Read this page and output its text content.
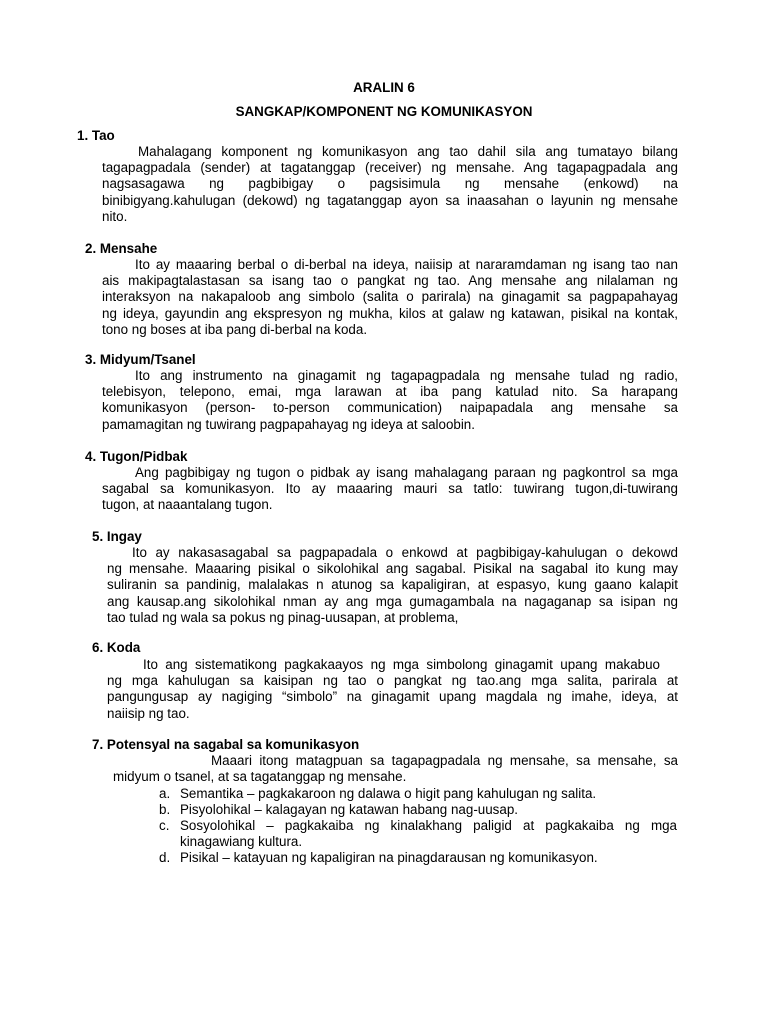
ARALIN 6
SANGKAP/KOMPONENT NG KOMUNIKASYON
1. Tao
Mahalagang komponent ng komunikasyon ang tao dahil sila ang tumatayo bilang
tagapagpadala (sender) at tagatanggap (receiver) ng mensahe. Ang tagapagpadala ang
nagsasagawa ng pagbibigay o pagsisimula ng mensahe (enkowd) na
binibigyang.kahulugan (dekowd) ng tagatanggap ayon sa inaasahan o layunin ng mensahe
nito.
2. Mensahe
Ito ay maaaring berbal o di-berbal na ideya, naiisip at nararamdaman ng isang tao nan
ais makipagtalastasan sa isang tao o pangkat ng tao. Ang mensahe ang nilalaman ng
interaksyon na nakapaloob ang simbolo (salita o parirala) na ginagamit sa pagpapahayag
ng ideya, gayundin ang ekspresyon ng mukha, kilos at galaw ng katawan, pisikal na kontak,
tono ng boses at iba pang di-berbal na koda.
3. Midyum/Tsanel
Ito ang instrumento na ginagamit ng tagapagpadala ng mensahe tulad ng radio,
telebisyon, telepono, emai, mga larawan at iba pang katulad nito. Sa harapang
komunikasyon (person- to-person communication) naipapadala ang mensahe sa
pamamagitan ng tuwirang pagpapahayag ng ideya at saloobin.
4. Tugon/Pidbak
Ang pagbibigay ng tugon o pidbak ay isang mahalagang paraan ng pagkontrol sa mga
sagabal sa komunikasyon. Ito ay maaaring mauri sa tatlo: tuwirang tugon,di-tuwirang
tugon, at naaantalang tugon.
5. Ingay
Ito ay nakasasagabal sa pagpapadala o enkowd at pagbibigay-kahulugan o dekowd
ng mensahe. Maaaring pisikal o sikolohikal ang sagabal. Pisikal na sagabal ito kung may
suliranin sa pandinig, malalakas n atunog sa kapaligiran, at espasyo, kung gaano kalapit
ang kausap.ang sikolohikal nman ay ang mga gumagambala na nagaganap sa isipan ng
tao tulad ng wala sa pokus ng pinag-uusapan, at problema,
6. Koda
Ito ang sistematikong pagkakaayos ng mga simbolong ginagamit upang makabuo
ng mga kahulugan sa kaisipan ng tao o pangkat ng tao.ang mga salita, parirala at
pangungusap ay nagiging “simbolo” na ginagamit upang magdala ng imahe, ideya, at
naiisip ng tao.
7. Potensyal na sagabal sa komunikasyon
Maaari itong matagpuan sa tagapagpadala ng mensahe, sa mensahe, sa
midyum o tsanel, at sa tagatanggap ng mensahe.
a. Semantika – pagkakaroon ng dalawa o higit pang kahulugan ng salita.
b. Pisyolohikal – kalagayan ng katawan habang nag-uusap.
c. Sosyolohikal – pagkakaiba ng kinalakhang paligid at pagkakaiba ng mga
kinagawiang kultura.
d. Pisikal – katayuan ng kapaligiran na pinagdarausan ng komunikasyon.
